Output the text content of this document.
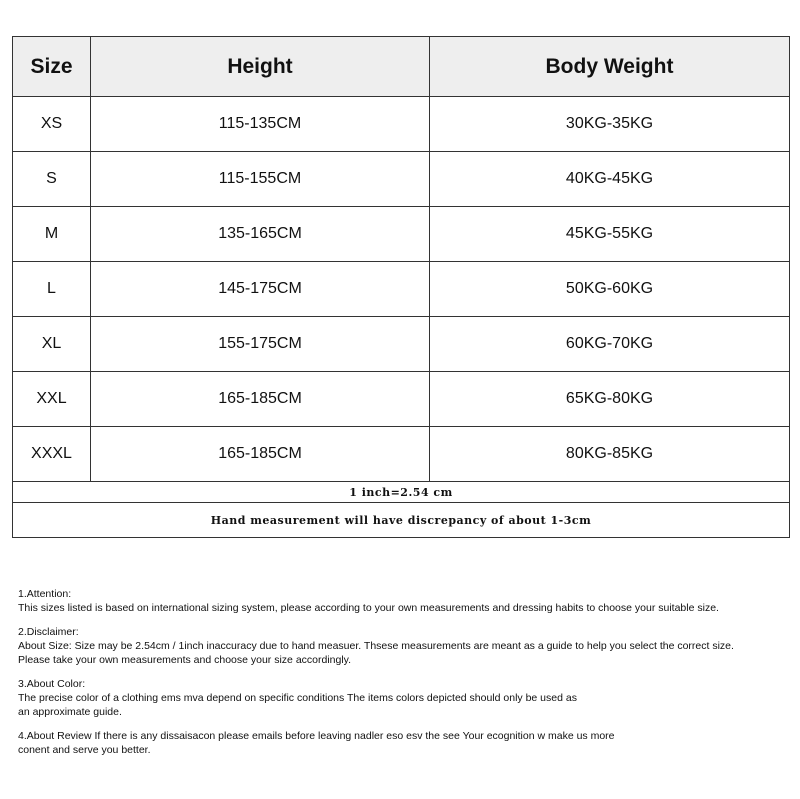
Size	Height	Body Weight
XS	115-135CM	30KG-35KG
S	115-155CM	40KG-45KG
M	135-165CM	45KG-55KG
L	145-175CM	50KG-60KG
XL	155-175CM	60KG-70KG
XXL	165-185CM	65KG-80KG
XXXL	165-185CM	80KG-85KG
1 inch=2.54 cm		
Hand measurement will have discrepancy of about 1-3cm		
1.Attention:
This sizes listed is based on international sizing system, please according to your own measurements and dressing habits to choose your suitable size.
2.Disclaimer:
About Size: Size may be 2.54cm / 1inch inaccuracy due to hand measuer. Thsese measurements are meant as a guide to help you select the correct size.
Please take your own measurements and choose your size accordingly.
3.About Color:
The precise color of a clothing ems mva depend on specific conditions The items colors depicted should only be used as
an approximate guide.
4.About Review If there is any dissaisacon please emails before leaving nadler eso esv the see Your ecognition w make us more
conent and serve you better.
